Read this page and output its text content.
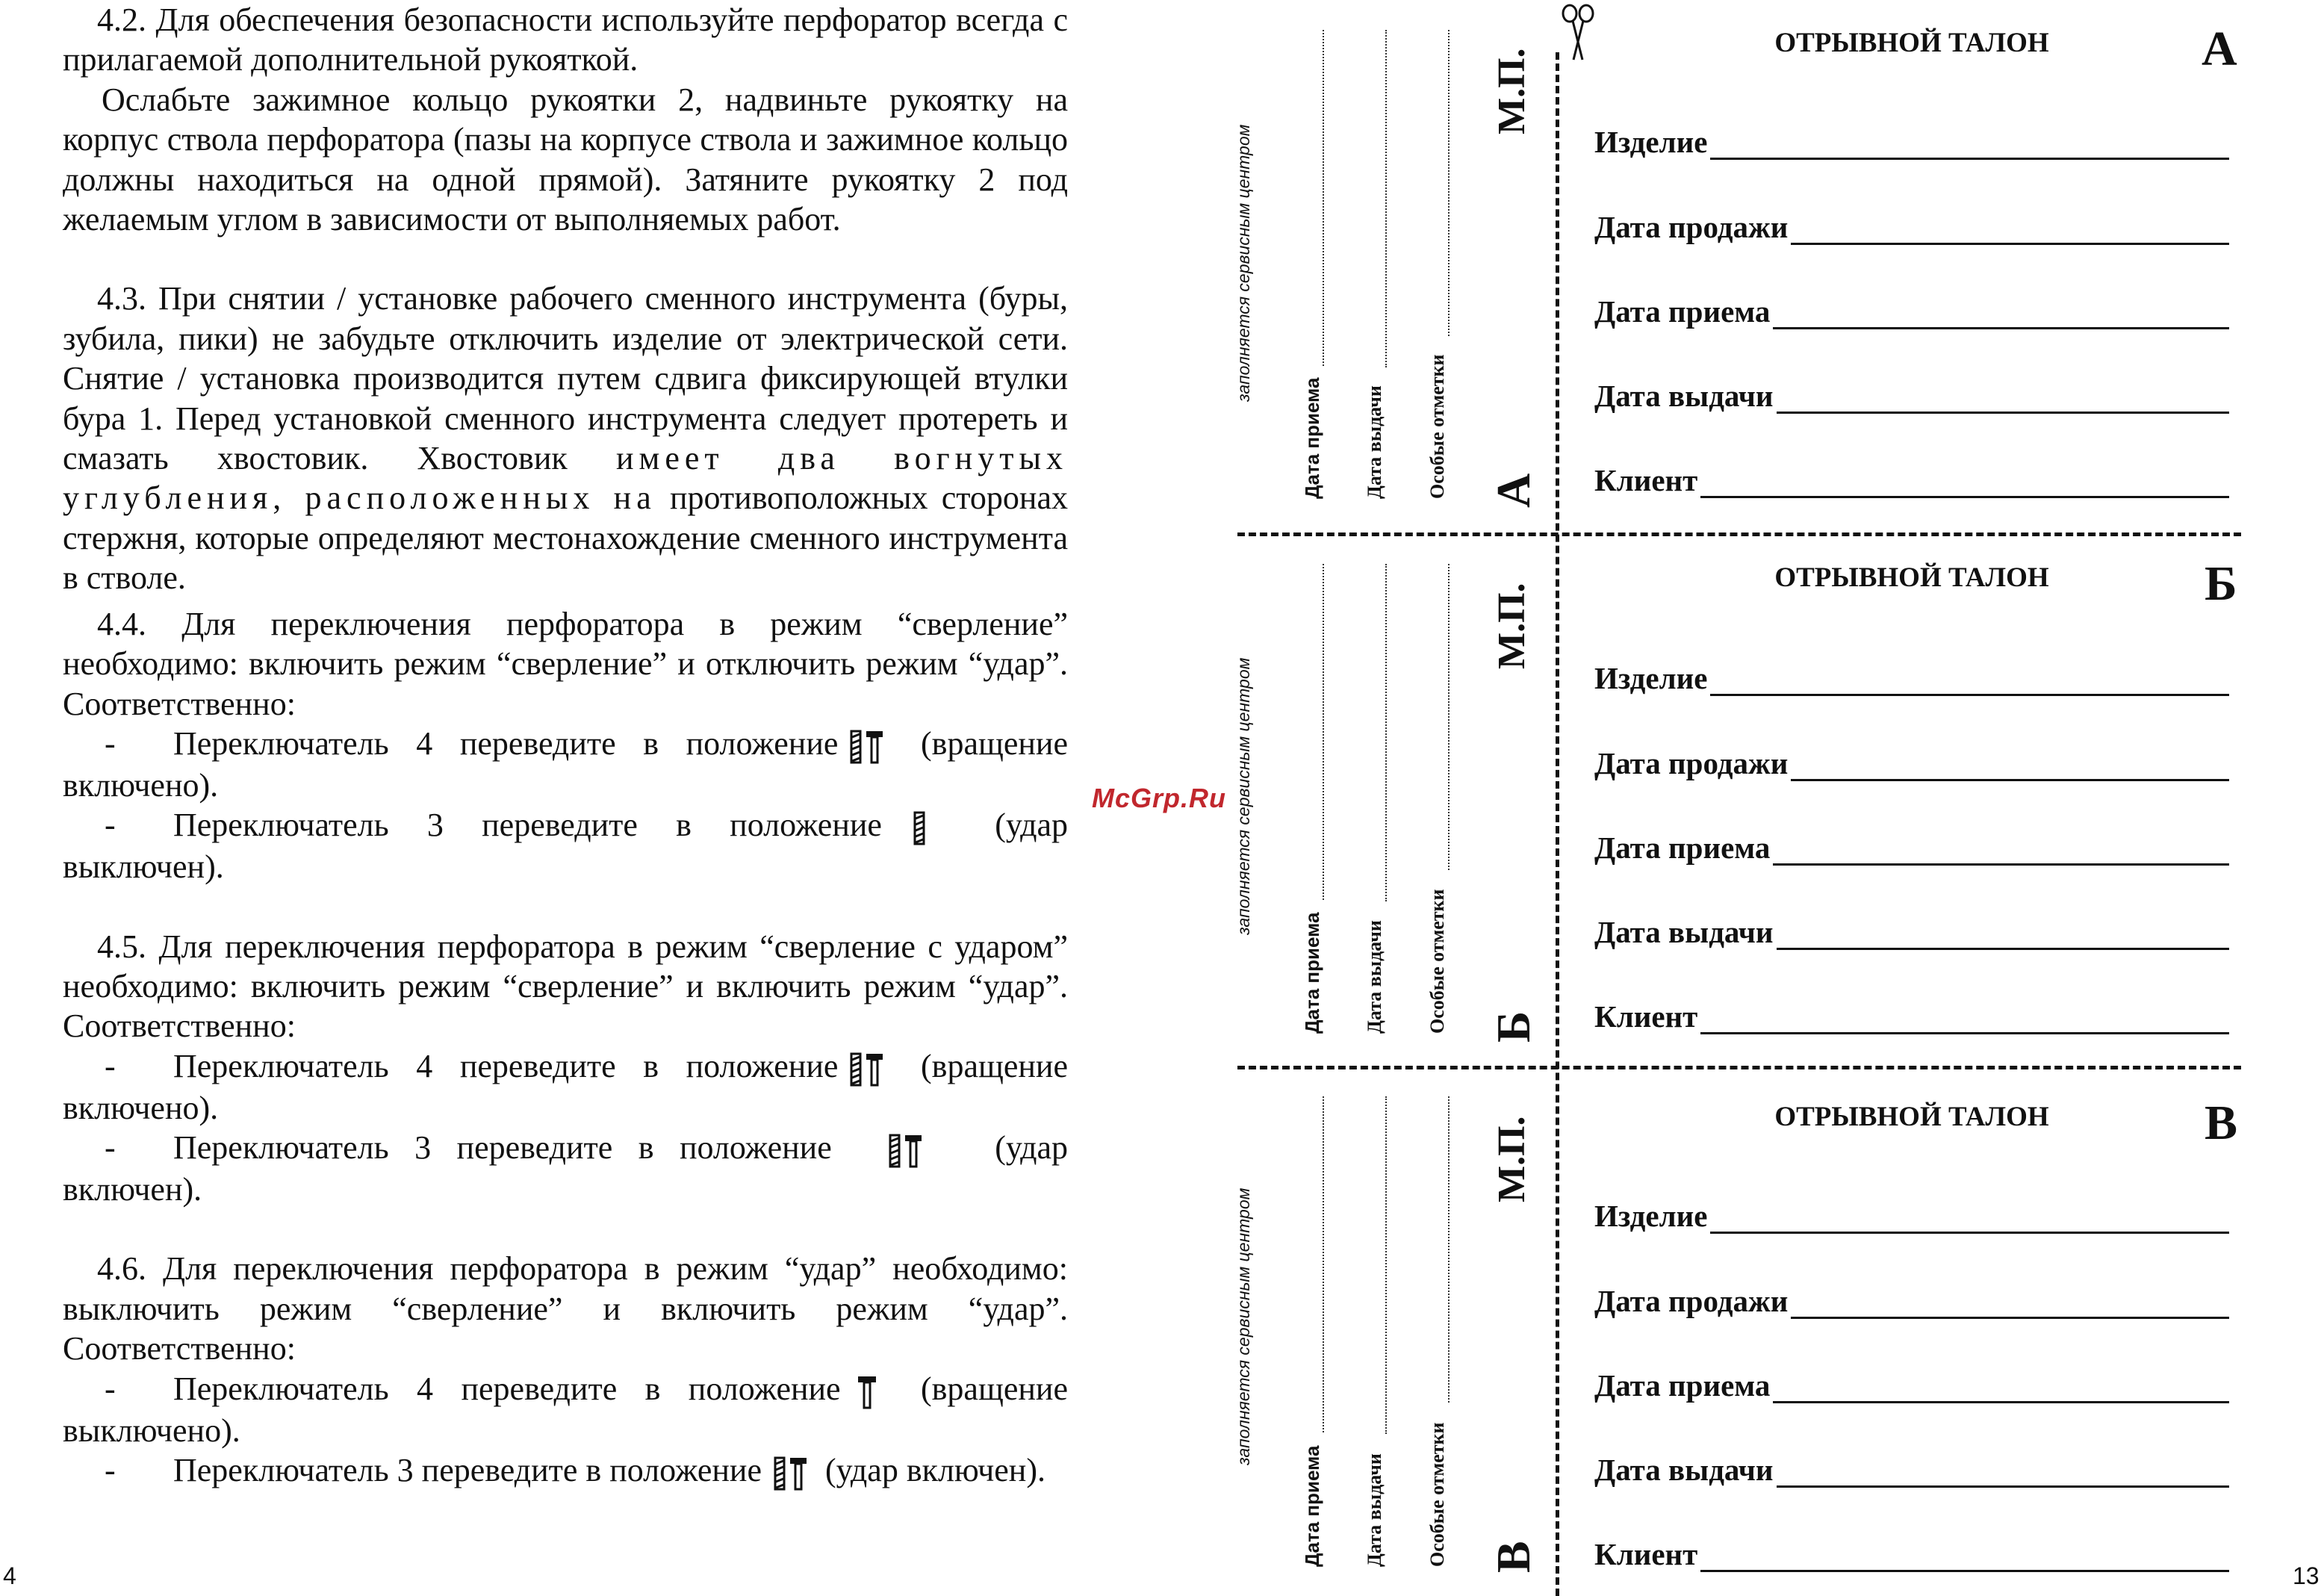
4.2. Для обеспечения безопасности используйте перфоратор всегда с прилагаемой дополнительной рукояткой.

Ослабьте зажимное кольцо рукоятки 2, надвиньте рукоятку на корпус ствола перфоратора (пазы на корпусе ствола и зажимное кольцо должны находиться на одной прямой). Затяните рукоятку 2 под желаемым углом в зависимости от выполняемых работ.

4.3. При снятии / установке рабочего сменного инструмента (буры, зубила, пики) не забудьте отключить изделие от электрической сети. Снятие / установка производится путем сдвига фиксирующей втулки бура 1. Перед установкой сменного инструмента следует протереть и смазать хвостовик. Хвостовик имеет два вогнутых углубления, расположенных на противоположных сторонах стержня, которые определяют местонахождение сменного инструмента в стволе.

4.4. Для переключения перфоратора в режим “сверление” необходимо: включить режим “сверление” и отключить режим “удар”. Соответственно:

- Переключатель 4 переведите в положение	(вращение включено).

- Переключатель 3 переведите в положение	(удар выключен).

4.5. Для переключения перфоратора в режим “сверление с ударом” необходимо: включить режим “сверление” и включить режим “удар”. Соответственно:

- Переключатель 4 переведите в положение	(вращение включено).

- Переключатель 3 переведите в положение	(удар включен).

4.6. Для переключения перфоратора в режим “удар” необходимо: выключить режим “сверление” и включить режим “удар”. Соответственно:

- Переключатель 4 переведите в положение (вращение выключено).

- Переключатель 3 переведите в положение (удар включен).

4
McGrp.Ru
заполняется сервисным центром
Дата приема Дата выдачи Особые отметки А
М.П.
заполняется сервисным центром
Дата приема Дата выдачи Особые отметки Б
М.П.
заполняется сервисным центром
Дата приема Дата выдачи Особые отметки В
М.П.
ОТРЫВНОЙ ТАЛОН	А
Изделие
Дата продажи
Дата приема
Дата выдачи
Клиент
ОТРЫВНОЙ ТАЛОН	Б
Изделие
Дата продажи
Дата приема
Дата выдачи
Клиент
ОТРЫВНОЙ ТАЛОН	В
Изделие
Дата продажи
Дата приема
Дата выдачи
Клиент
13
